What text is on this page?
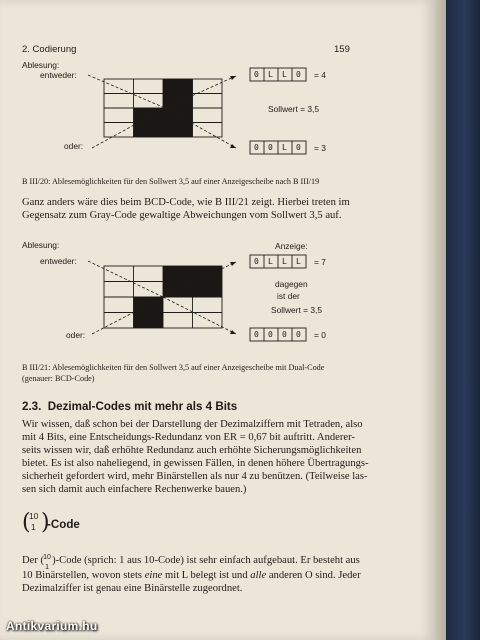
2. Codierung	159
Ablesung:
entweder:
oder:
0 L L 0 = 4
Sollwert = 3,5
0 0 L 0 = 3
B III/20: Ablesemöglichkeiten für den Sollwert 3,5 auf einer Anzeigescheibe nach B III/19
Ganz anders wäre dies beim BCD-Code, wie B III/21 zeigt. Hierbei treten im
Gegensatz zum Gray-Code gewaltige Abweichungen vom Sollwert 3,5 auf.
Ablesung:
entweder:
oder:
Anzeige:
0 L L L = 7
dagegen
ist der
Sollwert = 3,5
0 0 0 0 = 0
B III/21: Ablesemöglichkeiten für den Sollwert 3,5 auf einer Anzeigescheibe mit Dual-Code
(genauer: BCD-Code)
2.3. Dezimal-Codes mit mehr als 4 Bits
Wir wissen, daß schon bei der Darstellung der Dezimalziffern mit Tetraden, also
mit 4 Bits, eine Entscheidungs-Redundanz von ER = 0,67 bit auftritt. Anderer-
seits wissen wir, daß erhöhte Redundanz auch erhöhte Sicherungsmöglichkeiten
bietet. Es ist also naheliegend, in gewissen Fällen, in denen höhere Übertragungs-
sicherheit gefordert wird, mehr Binärstellen als nur 4 zu benützen. (Teilweise las-
sen sich damit auch einfachere Rechenwerke bauen.)
(
10
1 )
-Code
Der ( 10
1
)-Code (sprich: 1 aus 10-Code) ist sehr einfach aufgebaut. Er besteht aus
10 Binärstellen, wovon stets eine mit L belegt ist und alle anderen O sind. Jeder
Dezimalziffer ist genau eine Binärstelle zugeordnet.
Antikvarium.hu
